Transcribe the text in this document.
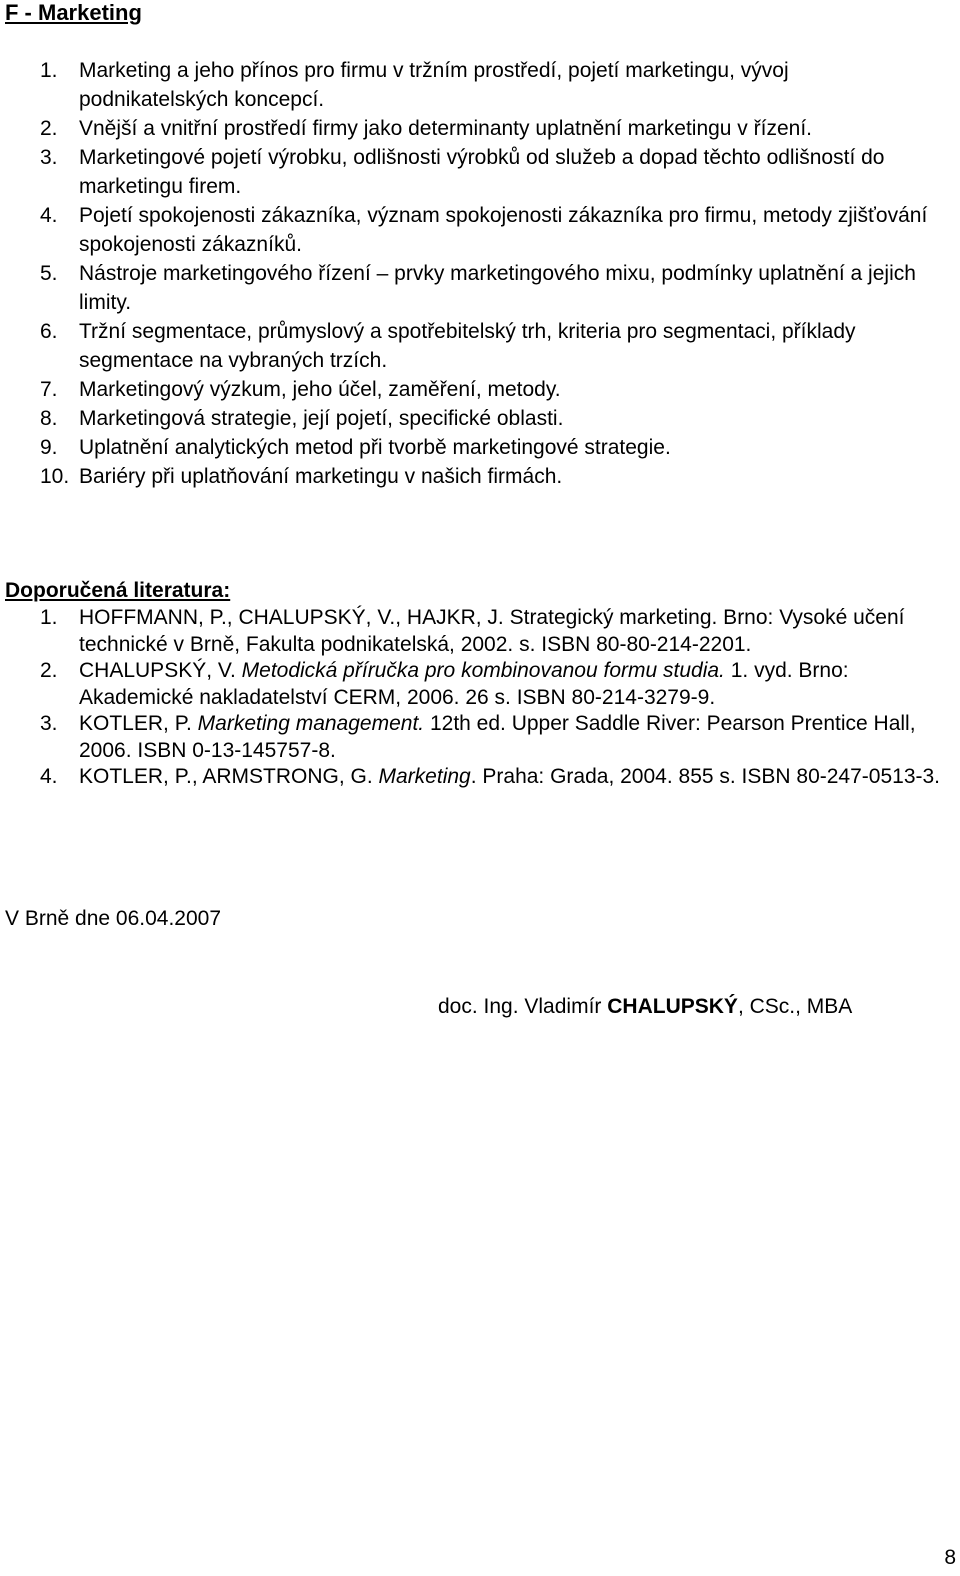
F - Marketing
1.	Marketing a jeho přínos pro firmu v tržním prostředí, pojetí marketingu, vývoj podnikatelských koncepcí.
2.	Vnější a vnitřní prostředí firmy jako determinanty uplatnění marketingu v řízení.
3.	Marketingové pojetí výrobku, odlišnosti výrobků od služeb a dopad těchto odlišností do marketingu firem.
4.	Pojetí spokojenosti zákazníka, význam spokojenosti zákazníka pro firmu, metody zjišťování spokojenosti zákazníků.
5.	Nástroje marketingového řízení – prvky marketingového mixu, podmínky uplatnění a jejich limity.
6.	Tržní segmentace, průmyslový a spotřebitelský trh, kriteria pro segmentaci, příklady segmentace na vybraných trzích.
7.	Marketingový výzkum, jeho účel, zaměření, metody.
8.	Marketingová strategie, její pojetí, specifické oblasti.
9.	Uplatnění analytických metod při tvorbě marketingové strategie.
10. Bariéry při uplatňování marketingu v našich firmách.
Doporučená literatura:
1.	HOFFMANN, P., CHALUPSKÝ, V., HAJKR, J. Strategický marketing. Brno: Vysoké učení technické v Brně, Fakulta podnikatelská, 2002. s. ISBN 80-80-214-2201.
2.	CHALUPSKÝ, V. Metodická příručka pro kombinovanou formu studia. 1. vyd. Brno: Akademické nakladatelství CERM, 2006. 26 s. ISBN 80-214-3279-9.
3.	KOTLER, P. Marketing management. 12th ed. Upper Saddle River: Pearson Prentice Hall, 2006. ISBN 0-13-145757-8.
4.	KOTLER, P., ARMSTRONG, G. Marketing. Praha: Grada, 2004. 855 s. ISBN 80-247-0513-3.
V Brně dne 06.04.2007
doc. Ing. Vladimír CHALUPSKÝ, CSc., MBA
8
